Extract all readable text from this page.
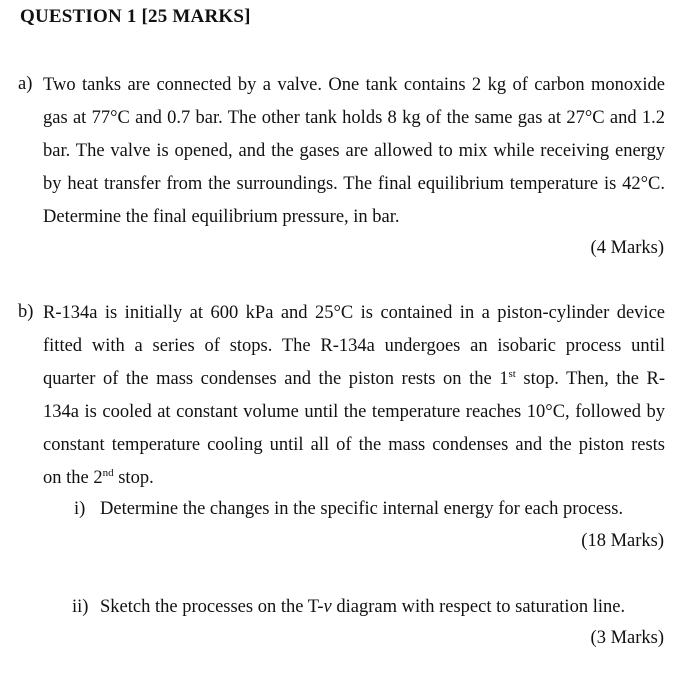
QUESTION 1 [25 MARKS]
a) Two tanks are connected by a valve. One tank contains 2 kg of carbon monoxide
gas at 77°C and 0.7 bar. The other tank holds 8 kg of the same gas at 27°C and 1.2
bar. The valve is opened, and the gases are allowed to mix while receiving energy
by heat transfer from the surroundings. The final equilibrium temperature is 42°C.
Determine the final equilibrium pressure, in bar.
(4 Marks)
b) R-134a is initially at 600 kPa and 25°C is contained in a piston-cylinder device
fitted with a series of stops. The R-134a undergoes an isobaric process until
quarter of the mass condenses and the piston rests on the 1st stop. Then, the R-
134a is cooled at constant volume until the temperature reaches 10°C, followed by
constant temperature cooling until all of the mass condenses and the piston rests
on the 2nd stop.
i) Determine the changes in the specific internal energy for each process.
(18 Marks)
ii) Sketch the processes on the T-v diagram with respect to saturation line.
(3 Marks)
